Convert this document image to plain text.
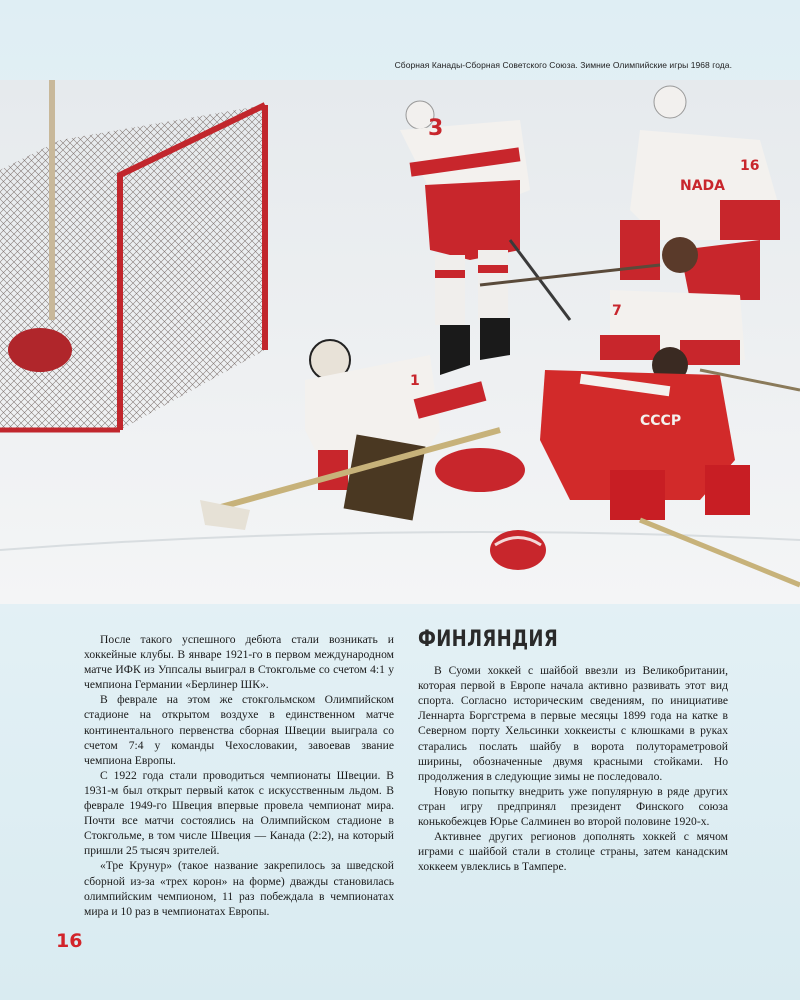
Сборная Канады-Сборная Советского Союза. Зимние Олимпийские игры 1968 года.
3
16
NADA
7
1
CCCP

После такого успешного дебюта стали возникать и хоккейные клубы. В январе 1921-го в первом международном матче ИФК из Уппсалы выиграл в Стокгольме со счетом 4:1 у чемпиона Германии «Берлинер ШК».

В феврале на этом же стокгольмском Олимпийском стадионе на открытом воздухе в единственном матче континентального первенства сборная Швеции выиграла со счетом 7:4 у команды Чехословакии, завоевав звание чемпиона Европы.

С 1922 года стали проводиться чемпионаты Швеции. В 1931-м был открыт первый каток с искусственным льдом. В феврале 1949-го Швеция впервые провела чемпионат мира. Почти все матчи состоялись на Олимпийском стадионе в Стокгольме, в том числе Швеция — Канада (2:2), на который пришли 25 тысяч зрителей.

«Тре Крунур» (такое название закрепилось за шведской сборной из-за «трех корон» на форме) дважды становилась олимпийским чемпионом, 11 раз побеждала в чемпионатах мира и 10 раз в чемпионатах Европы.

ФИНЛЯНДИЯ

В Суоми хоккей с шайбой ввезли из Великобритании, которая первой в Европе начала активно развивать этот вид спорта. Согласно историческим сведениям, по инициативе Леннарта Боргстрема в первые месяцы 1899 года на катке в Северном порту Хельсинки хоккеисты с клюшками в руках старались послать шайбу в ворота полутораметровой ширины, обозначенные двумя красными стойками. Но продолжения в следующие зимы не последовало.

Новую попытку внедрить уже популярную в ряде других стран игру предпринял президент Финского союза конькобежцев Юрье Салминен во второй половине 1920-х.

Активнее других регионов дополнять хоккей с мячом играми с шайбой стали в столице страны, затем канадским хоккеем увлеклись в Тампере.

16
